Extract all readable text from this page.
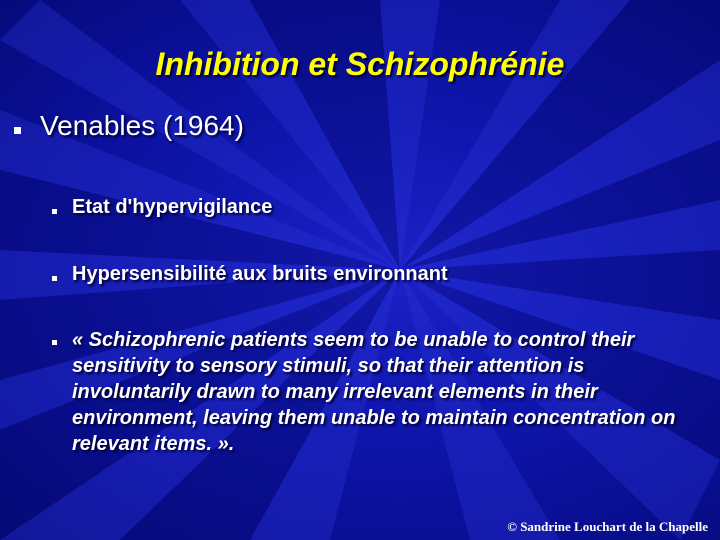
Inhibition et Schizophrénie

Venables (1964)

Etat d'hypervigilance

Hypersensibilité aux bruits environnant

« Schizophrenic patients seem to be unable to control their sensitivity to sensory stimuli, so that their attention is involuntarily drawn to many irrelevant elements in their environment, leaving them unable to maintain concentration on relevant items. ».

© Sandrine Louchart de la Chapelle
